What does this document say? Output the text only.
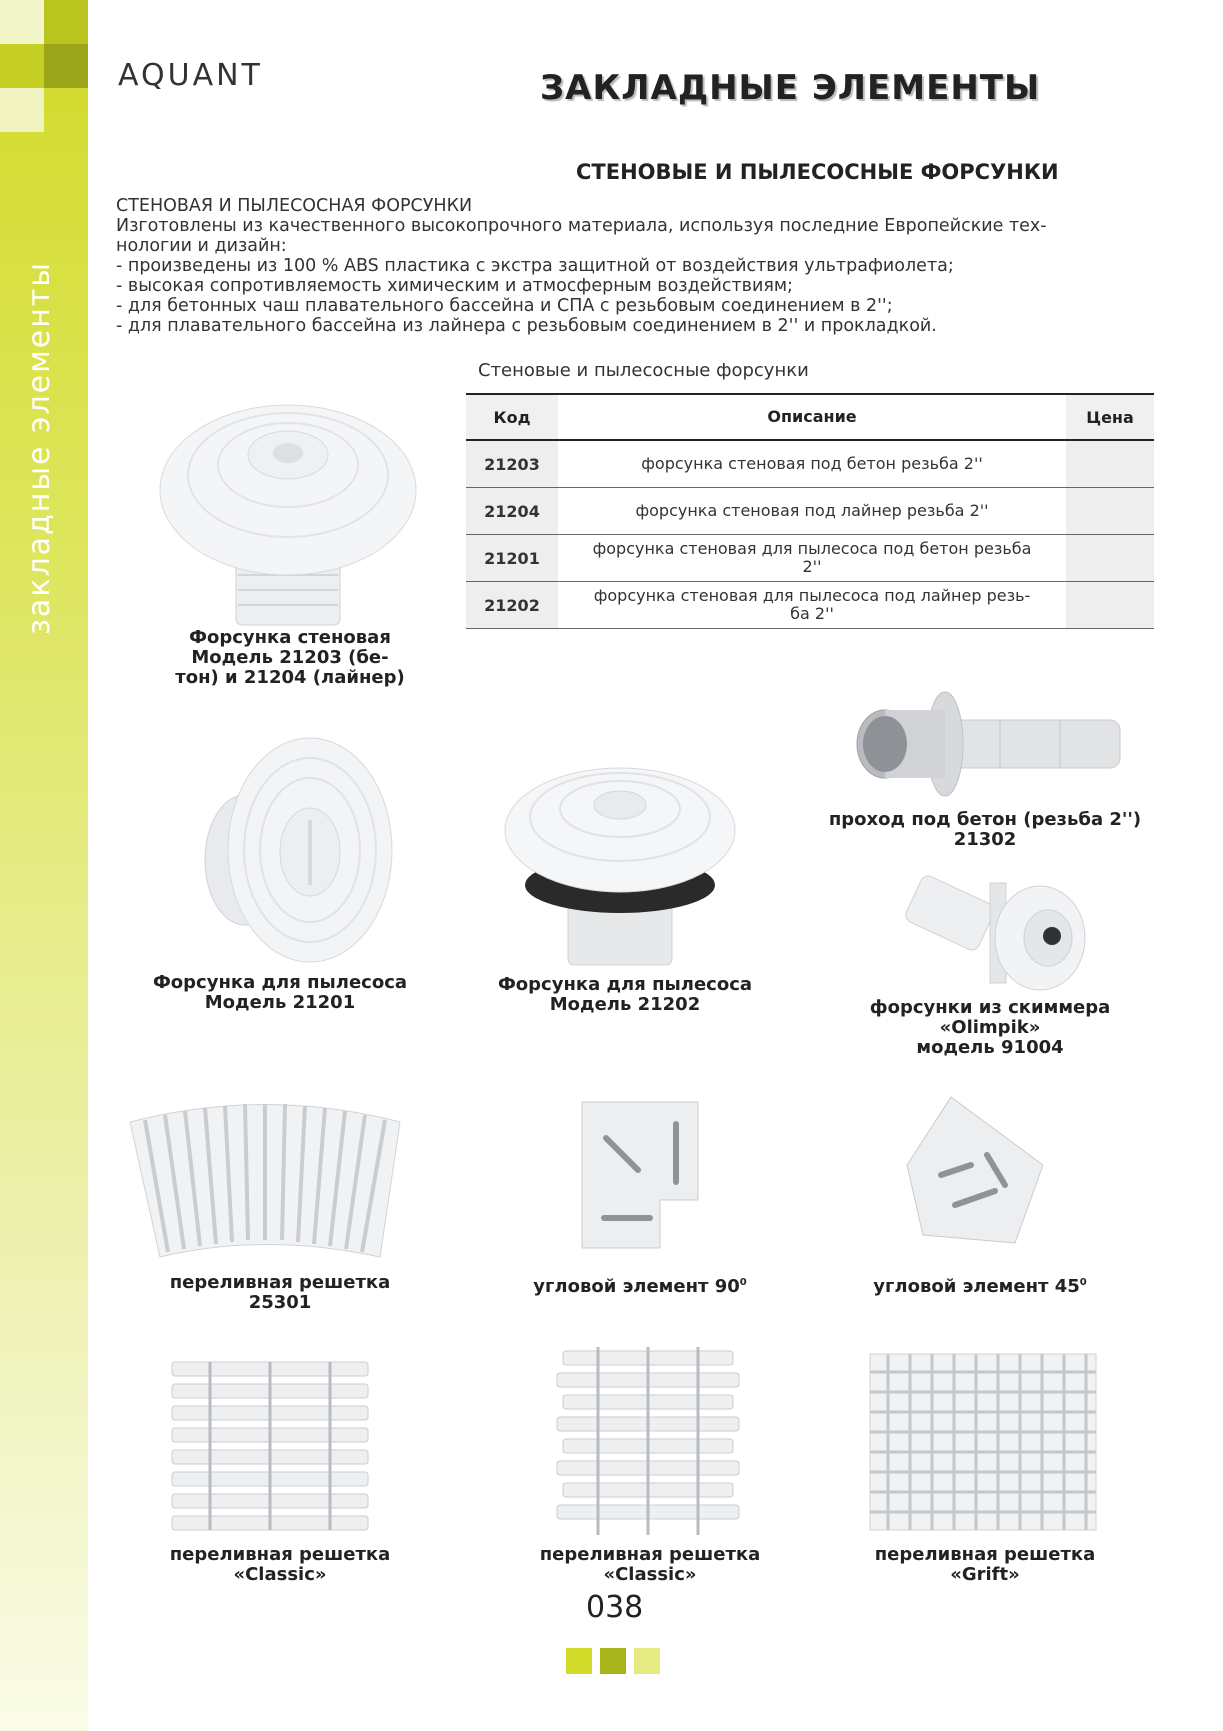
закладные элементы
AQUANT	ЗАКЛАДНЫЕ ЭЛЕМЕНТЫ
СТЕНОВЫЕ И ПЫЛЕСОСНЫЕ ФОРСУНКИ
СТЕНОВАЯ И ПЫЛЕСОСНАЯ ФОРСУНКИ
Изготовлены из качественного высокопрочного материала, используя последние Европейские тех-
нологии и дизайн:
- произведены из 100 % ABS пластика с экстра защитной от воздействия ультрафиолета;
- высокая сопротивляемость химическим и атмосферным воздействиям;
- для бетонных чаш плавательного бассейна и СПА с резьбовым соединением в 2'';
- для плавательного бассейна из лайнера с резьбовым соединением в 2'' и прокладкой.
Стеновые и пылесосные форсунки
Код	Описание	Цена
21203	форсунка стеновая под бетон резьба 2''	
21204	форсунка стеновая под лайнер резьба 2''	
21201	форсунка стеновая для пылесоса под бетон резьба
2''	
21202	форсунка стеновая для пылесоса под лайнер резь-
ба 2''	
Форсунка стеновая
Модель 21203 (бе-
тон) и 21204 (лайнер)
Форсунка для пылесоса
Модель 21201
Форсунка для пылесоса
Модель 21202
проход под бетон (резьба 2'')
21302
форсунки из скиммера
«Olimpik»
модель 91004
переливная решетка
25301
угловой элемент $90^0$	угловой элемент $45^0$
переливная решетка
«Classic»
переливная решетка
«Classic»
переливная решетка
«Grift»
038
